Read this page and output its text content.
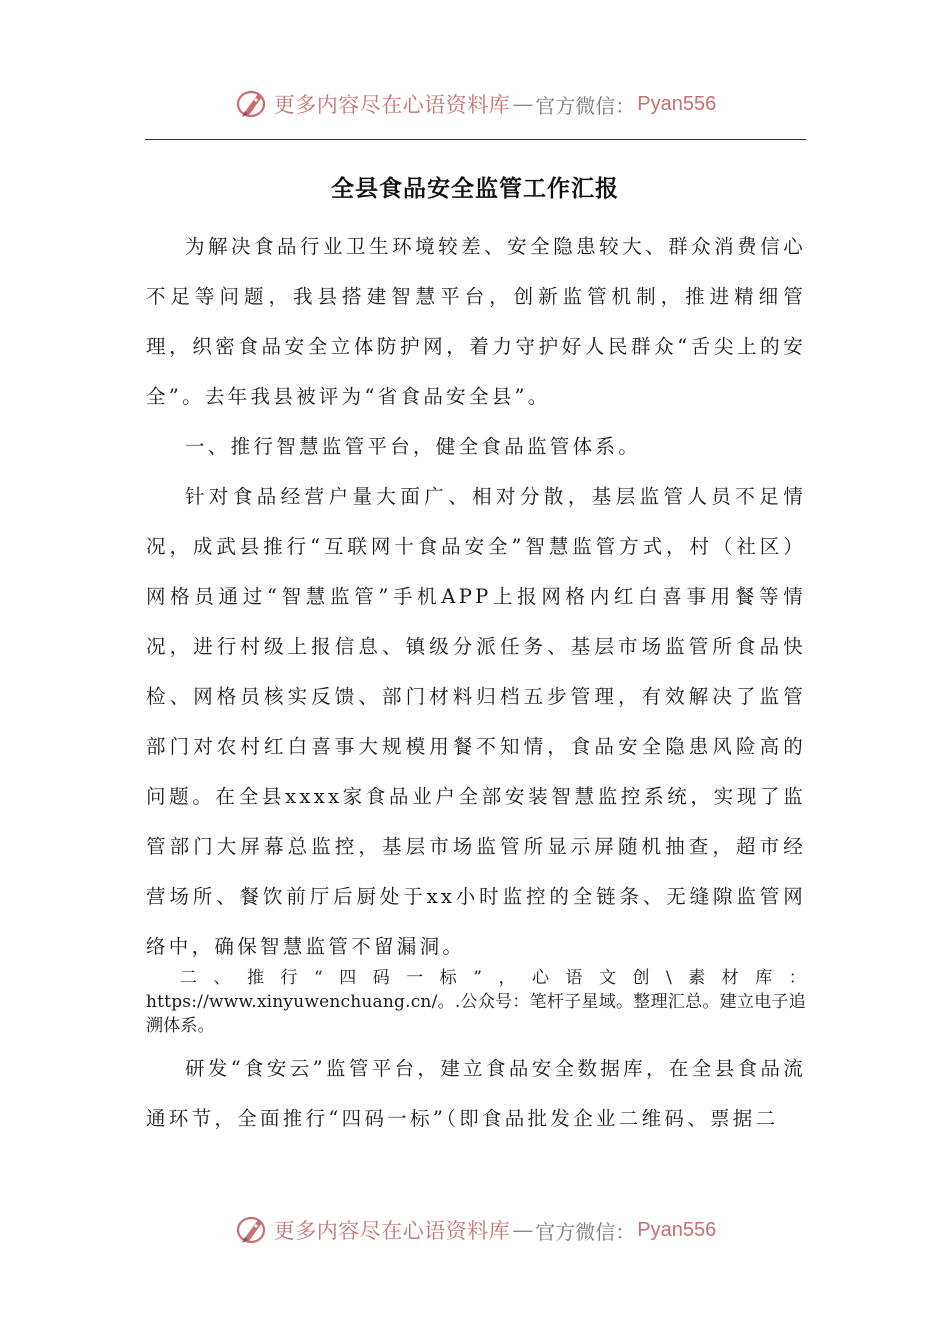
更多内容尽在心语资料库 — 官方微信： Pyan556
全县食品安全监管工作汇报

为解决食品行业卫生环境较差、安全隐患较大、群众消费信心不足等问题，我县搭建智慧平台，创新监管机制，推进精细管理，织密食品安全立体防护网，着力守护好人民群众“舌尖上的安全”。去年我县被评为“省食品安全县”。

一、推行智慧监管平台，健全食品监管体系。

针对食品经营户量大面广、相对分散，基层监管人员不足情况，成武县推行“互联网十食品安全”智慧监管方式，村（社区）网格员通过“智慧监管”手机APP上报网格内红白喜事用餐等情况，进行村级上报信息、镇级分派任务、基层市场监管所食品快检、网格员核实反馈、部门材料归档五步管理，有效解决了监管部门对农村红白喜事大规模用餐不知情，食品安全隐患风险高的问题。在全县xxxx家食品业户全部安装智慧监控系统，实现了监管部门大屏幕总监控，基层市场监管所显示屏随机抽查，超市经营场所、餐饮前厅后厨处于xx小时监控的全链条、无缝隙监管网络中，确保智慧监管不留漏洞。

二、推行“四码一标”，心语文创\素材库：https://www.xinyuwenchuang.cn/。.公众号：笔杆子星域。整理汇总。建立电子追溯体系。

研发“食安云”监管平台，建立食品安全数据库，在全县食品流通环节，全面推行“四码一标”（即食品批发企业二维码、票据二

更多内容尽在心语资料库 — 官方微信： Pyan556
